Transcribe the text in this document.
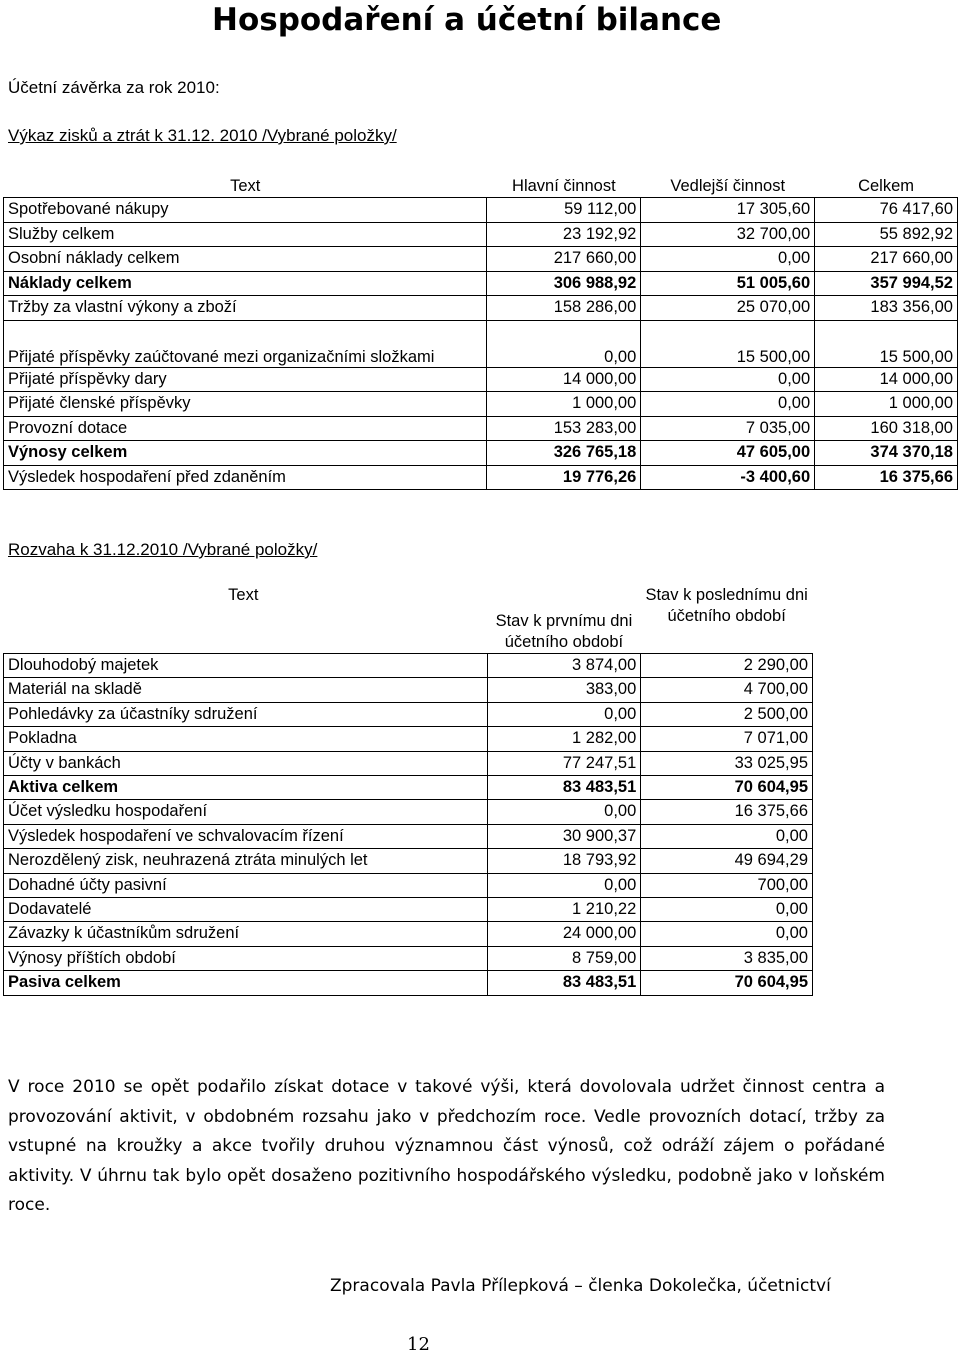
Hospodaření a účetní bilance
Účetní závěrka za rok 2010:
Výkaz zisků a ztrát k 31.12. 2010 /Vybrané položky/
Text	Hlavní činnost	Vedlejší činnost	Celkem
Spotřebované nákupy	59 112,00	17 305,60	76 417,60
Služby celkem	23 192,92	32 700,00	55 892,92
Osobní náklady celkem	217 660,00	0,00	217 660,00
Náklady celkem	306 988,92	51 005,60	357 994,52
Tržby za vlastní výkony a zboží	158 286,00	25 070,00	183 356,00
Přijaté příspěvky zaúčtované mezi organizačními složkami	0,00	15 500,00	15 500,00
Přijaté příspěvky dary	14 000,00	0,00	14 000,00
Přijaté členské příspěvky	1 000,00	0,00	1 000,00
Provozní dotace	153 283,00	7 035,00	160 318,00
Výnosy celkem	326 765,18	47 605,00	374 370,18
Výsledek hospodaření před zdaněním	19 776,26	-3 400,60	16 375,66
Rozvaha k 31.12.2010 /Vybrané položky/
Text	Stav k prvnímu dni účetního období	Stav k poslednímu dni účetního období
Dlouhodobý majetek	3 874,00	2 290,00
Materiál na skladě	383,00	4 700,00
Pohledávky za účastníky sdružení	0,00	2 500,00
Pokladna	1 282,00	7 071,00
Účty v bankách	77 247,51	33 025,95
Aktiva celkem	83 483,51	70 604,95
Účet výsledku hospodaření	0,00	16 375,66
Výsledek hospodaření ve schvalovacím řízení	30 900,37	0,00
Nerozdělený zisk, neuhrazená ztráta minulých let	18 793,92	49 694,29
Dohadné účty pasivní	0,00	700,00
Dodavatelé	1 210,22	0,00
Závazky k účastníkům sdružení	24 000,00	0,00
Výnosy příštích období	8 759,00	3 835,00
Pasiva celkem	83 483,51	70 604,95

V roce 2010 se opět podařilo získat dotace v takové výši, která dovolovala udržet činnost centra a provozování aktivit, v obdobném rozsahu jako v předchozím roce. Vedle provozních dotací, tržby za vstupné na kroužky a akce tvořily druhou významnou část výnosů, což odráží zájem o pořádané aktivity. V úhrnu tak bylo opět dosaženo pozitivního hospodářského výsledku, podobně jako v loňském roce.

Zpracovala Pavla Přílepková – členka Dokolečka, účetnictví
12
